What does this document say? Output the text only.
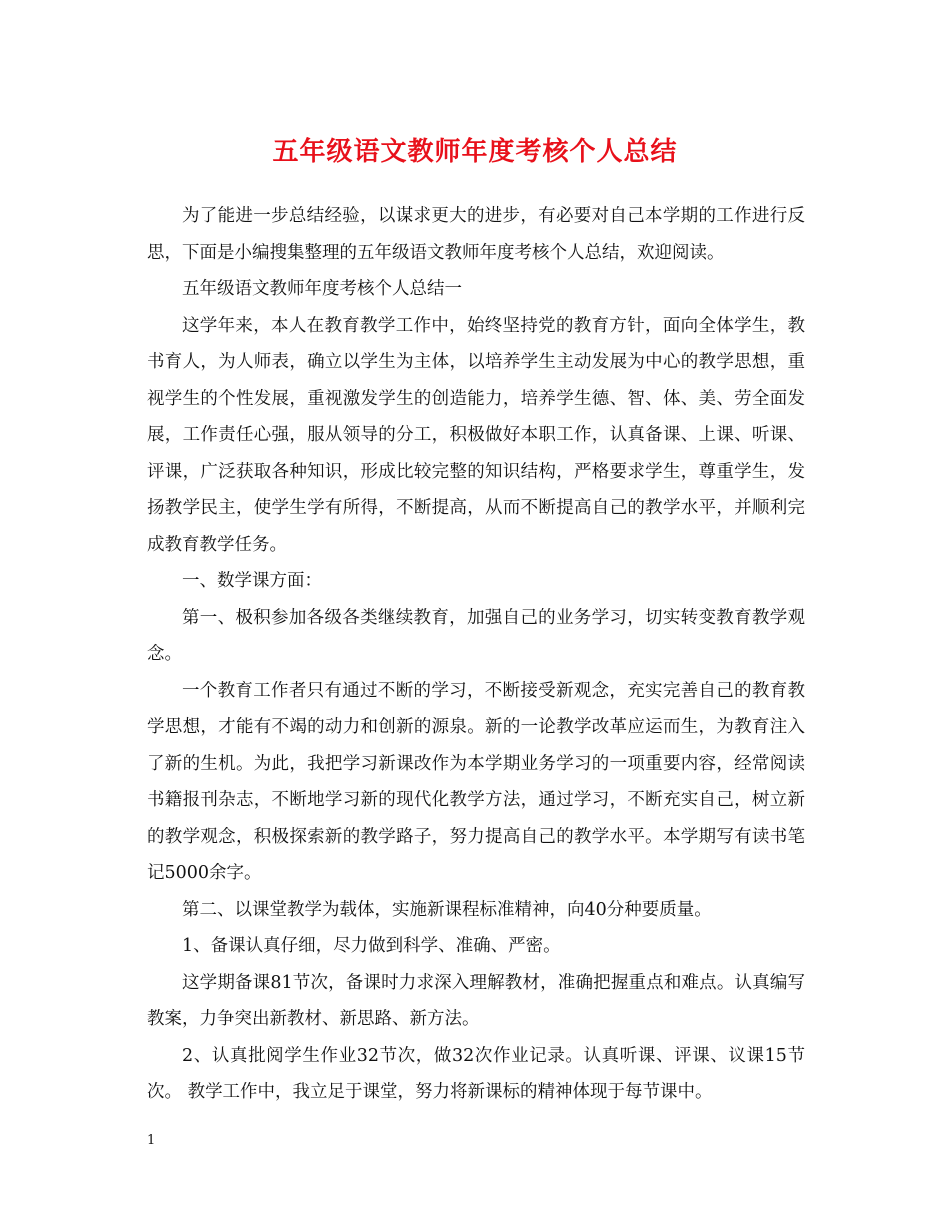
五年级语文教师年度考核个人总结

为了能进一步总结经验，以谋求更大的进步，有必要对自己本学期的工作进行反思，下面是小编搜集整理的五年级语文教师年度考核个人总结，欢迎阅读。

五年级语文教师年度考核个人总结一

这学年来，本人在教育教学工作中，始终坚持党的教育方针，面向全体学生，教书育人，为人师表，确立以学生为主体，以培养学生主动发展为中心的教学思想，重视学生的个性发展，重视激发学生的创造能力，培养学生德、智、体、美、劳全面发展，工作责任心强，服从领导的分工，积极做好本职工作，认真备课、上课、听课、评课，广泛获取各种知识，形成比较完整的知识结构，严格要求学生，尊重学生，发扬教学民主，使学生学有所得，不断提高，从而不断提高自己的教学水平，并顺利完成教育教学任务。

一、数学课方面：

第一、极积参加各级各类继续教育，加强自己的业务学习，切实转变教育教学观念。

一个教育工作者只有通过不断的学习，不断接受新观念，充实完善自己的教育教学思想，才能有不竭的动力和创新的源泉。新的一论教学改革应运而生，为教育注入了新的生机。为此，我把学习新课改作为本学期业务学习的一项重要内容，经常阅读书籍报刊杂志，不断地学习新的现代化教学方法，通过学习，不断充实自己，树立新的教学观念，积极探索新的教学路子，努力提高自己的教学水平。本学期写有读书笔记5000余字。

第二、以课堂教学为载体，实施新课程标准精神，向40分种要质量。

1、备课认真仔细，尽力做到科学、准确、严密。

这学期备课81节次，备课时力求深入理解教材，准确把握重点和难点。认真编写教案，力争突出新教材、新思路、新方法。

2、认真批阅学生作业32节次，做32次作业记录。认真听课、评课、议课15节次。 教学工作中，我立足于课堂，努力将新课标的精神体现于每节课中。

1
